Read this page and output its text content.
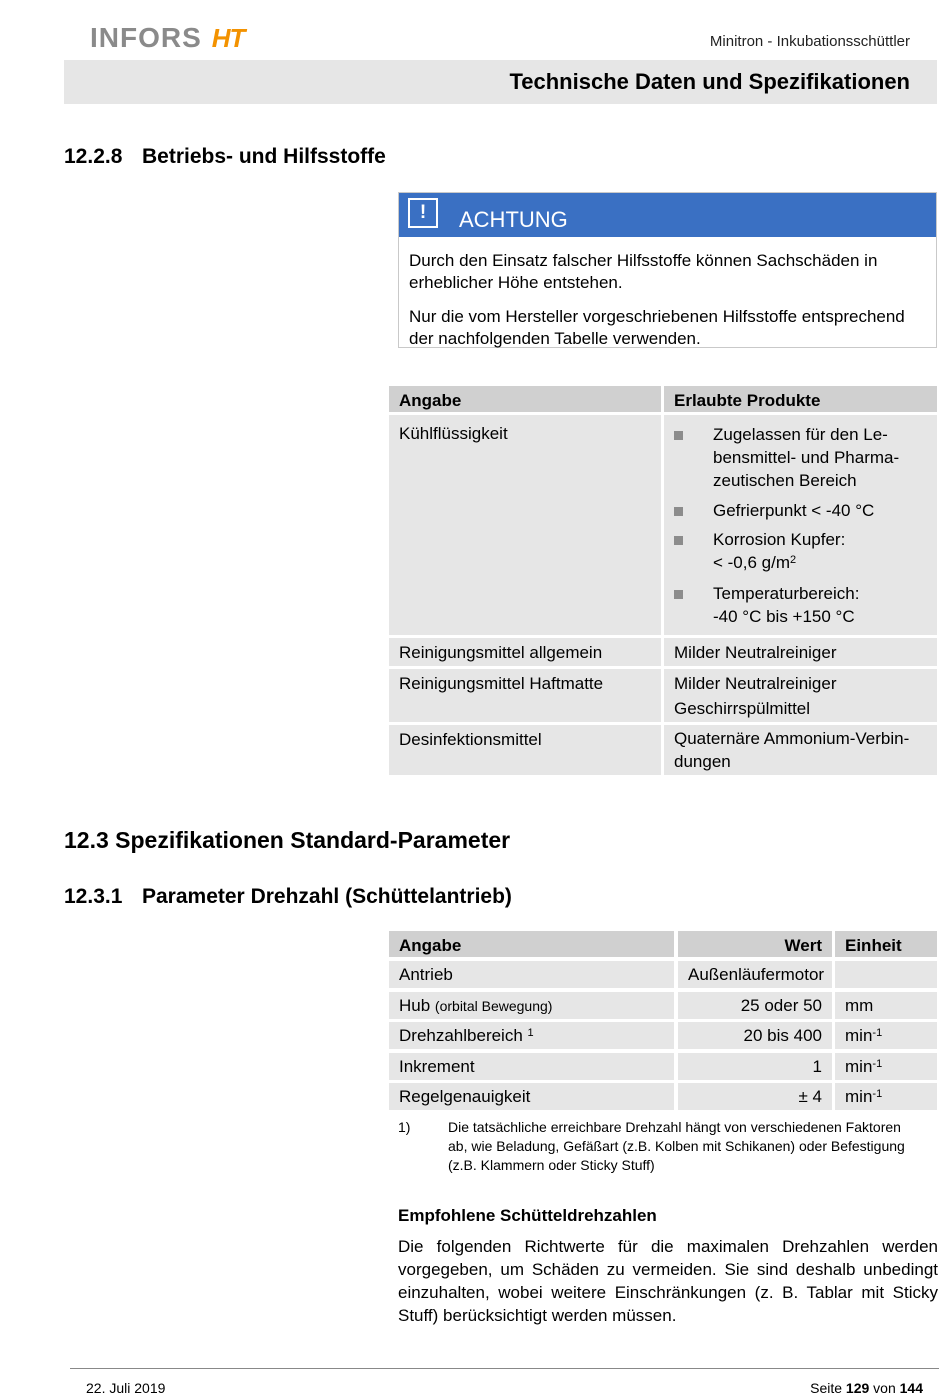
INFORS HT	Minitron - Inkubationsschüttler
Technische Daten und Spezifikationen
12.2.8 Betriebs- und Hilfsstoffe
!	ACHTUNG
Durch den Einsatz falscher Hilfsstoffe können Sachschäden in erheblicher Höhe entstehen.
Nur die vom Hersteller vorgeschriebenen Hilfsstoffe entsprechend der nachfolgenden Tabelle verwenden.
Angabe	Erlaubte Produkte
Kühlflüssigkeit	Zugelassen für den Le-
bensmittel- und Pharma-
zeutischen Bereich
Gefrierpunkt < -40 °C
Korrosion Kupfer:
< -0,6 $g/m^2$
Temperaturbereich:
-40 °C bis +150 °C
Reinigungsmittel allgemein	Milder Neutralreiniger
Reinigungsmittel Haftmatte	Milder Neutralreiniger
Geschirrspülmittel
Desinfektionsmittel	Quaternäre Ammonium-Verbin-
dungen
12.3 Spezifikationen Standard-Parameter
12.3.1 Parameter Drehzahl (Schüttelantrieb)
Angabe	Wert	Einheit
Antrieb	Außenläufermotor
Hub (orbital Bewegung)	25 oder 50	mm
Drehzahlbereich $^1$	20 bis 400	$\min^{-1}$
Inkrement	1	$\min^{-1}$
Regelgenauigkeit	± 4	$\min^{-1}$
1)	Die tatsächliche erreichbare Drehzahl hängt von verschiedenen Faktoren
ab, wie Beladung, Gefäßart (z.B. Kolben mit Schikanen) oder Befestigung
(z.B. Klammern oder Sticky Stuff)
Empfohlene Schütteldrehzahlen
Die folgenden Richtwerte für die maximalen Drehzahlen werden vorgegeben, um Schäden zu vermeiden. Sie sind deshalb unbedingt einzuhalten, wobei weitere Einschränkungen (z. B. Tablar mit Sticky Stuff) berücksichtigt werden müssen.
22. Juli 2019	Seite 129 von 144
